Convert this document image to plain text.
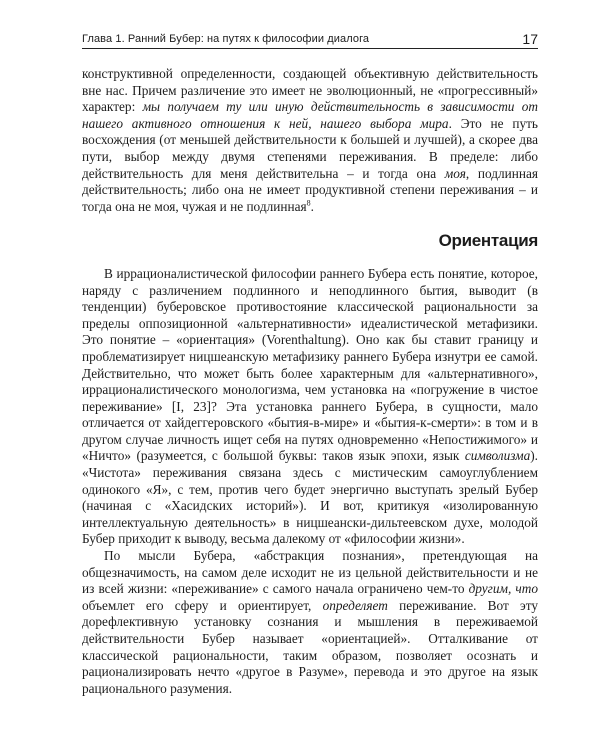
Глава 1. Ранний Бубер: на путях к философии диалога	17

конструктивной определенности, создающей объективную действительность вне нас. Причем различение это имеет не эволюционный, не «прогрессивный» характер: мы получаем ту или иную действительность в зависимости от нашего активного отношения к ней, нашего выбора мира. Это не путь восхождения (от меньшей действительности к большей и лучшей), а скорее два пути, выбор между двумя степенями переживания. В пределе: либо действительность для меня действительна – и тогда она моя, подлинная действительность; либо она не имеет продуктивной степени переживания – и тогда она не моя, чужая и не подлинная$^8$.

Ориентация

В иррационалистической философии раннего Бубера есть понятие, которое, наряду с различением подлинного и неподлинного бытия, выводит (в тенденции) буберовское противостояние классической рациональности за пределы оппозиционной «альтернативности» идеалистической метафизики. Это понятие – «ориентация» (Vorenthaltung). Оно как бы ставит границу и проблематизирует ницшеанскую метафизику раннего Бубера изнутри ее самой. Действительно, что может быть более характерным для «альтернативного», иррационалистического монологизма, чем установка на «погружение в чистое переживание» [I, 23]? Эта установка раннего Бубера, в сущности, мало отличается от хайдеггеровского «бытия-в-мире» и «бытия-к-смерти»: в том и в другом случае личность ищет себя на путях одновременно «Непостижимого» и «Ничто» (разумеется, с большой буквы: таков язык эпохи, язык символизма). «Чистота» переживания связана здесь с мистическим самоуглублением одинокого «Я», с тем, против чего будет энергично выступать зрелый Бубер (начиная с «Хасидских историй»). И вот, критикуя «изолированную интеллектуальную деятельность» в ницшеански-дильтеевском духе, молодой Бубер приходит к выводу, весьма далекому от «философии жизни».

По мысли Бубера, «абстракция познания», претендующая на общезначимость, на самом деле исходит не из цельной действительности и не из всей жизни: «переживание» с самого начала ограничено чем-то другим, что объемлет его сферу и ориентирует, определяет переживание. Вот эту дорефлективную установку сознания и мышления в переживаемой действительности Бубер называет «ориентацией». Отталкивание от классической рациональности, таким образом, позволяет осознать и рационализировать нечто «другое в Разуме», перевода и это другое на язык рационального разумения.
